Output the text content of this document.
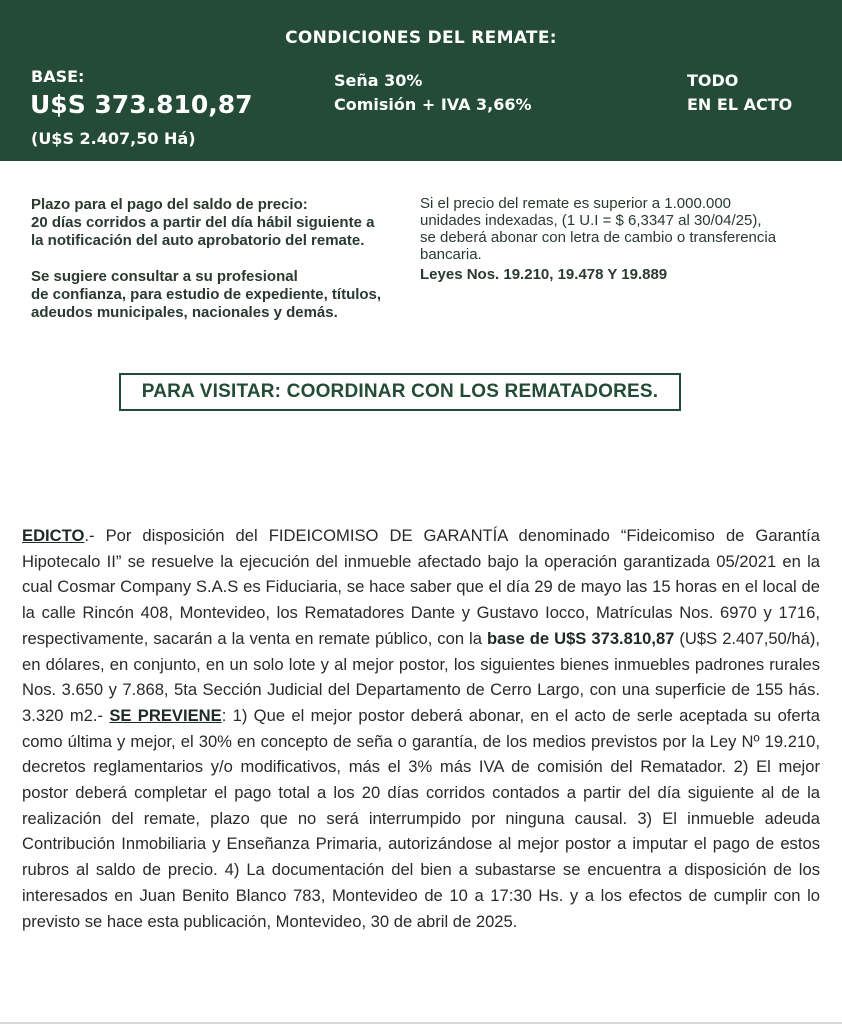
CONDICIONES DEL REMATE:
BASE:
U$S 373.810,87
(U$S 2.407,50 Há)
Seña 30%
Comisión + IVA 3,66%
TODO
EN EL ACTO

Plazo para el pago del saldo de precio:
20 días corridos a partir del día hábil siguiente a
la notificación del auto aprobatorio del remate.

Se sugiere consultar a su profesional
de confianza, para estudio de expediente, títulos,
adeudos municipales, nacionales y demás.

Si el precio del remate es superior a 1.000.000
unidades indexadas, (1 U.I = $ 6,3347 al 30/04/25),
se deberá abonar con letra de cambio o transferencia
bancaria.

Leyes Nos. 19.210, 19.478 Y 19.889

PARA VISITAR: COORDINAR CON LOS REMATADORES.
EDICTO.- Por disposición del FIDEICOMISO DE GARANTÍA denominado “Fideicomiso de Garantía Hipotecalo II” se resuelve la ejecución del inmueble afectado bajo la operación garantizada 05/2021 en la cual Cosmar Company S.A.S es Fiduciaria, se hace saber que el día 29 de mayo las 15 horas en el local de la calle Rincón 408, Montevideo, los Rematadores Dante y Gustavo Iocco, Matrículas Nos. 6970 y 1716, respectivamente, sacarán a la venta en remate público, con la base de U$S 373.810,87 (U$S 2.407,50/há), en dólares, en conjunto, en un solo lote y al mejor postor, los siguientes bienes inmuebles padrones rurales Nos. 3.650 y 7.868, 5ta Sección Judicial del Departamento de Cerro Largo, con una superficie de 155 hás. 3.320 m2.- SE PREVIENE: 1) Que el mejor postor deberá abonar, en el acto de serle aceptada su oferta como última y mejor, el 30% en concepto de seña o garantía, de los medios previstos por la Ley Nº 19.210, decretos reglamentarios y/o modificativos, más el 3% más IVA de comisión del Rematador. 2) El mejor postor deberá completar el pago total a los 20 días corridos contados a partir del día siguiente al de la realización del remate, plazo que no será interrumpido por ninguna causal. 3) El inmueble adeuda Contribución Inmobiliaria y Enseñanza Primaria, autorizándose al mejor postor a imputar el pago de estos rubros al saldo de precio. 4) La documentación del bien a subastarse se encuentra a disposición de los interesados en Juan Benito Blanco 783, Montevideo de 10 a 17:30 Hs. y a los efectos de cumplir con lo previsto se hace esta publicación, Montevideo, 30 de abril de 2025.
